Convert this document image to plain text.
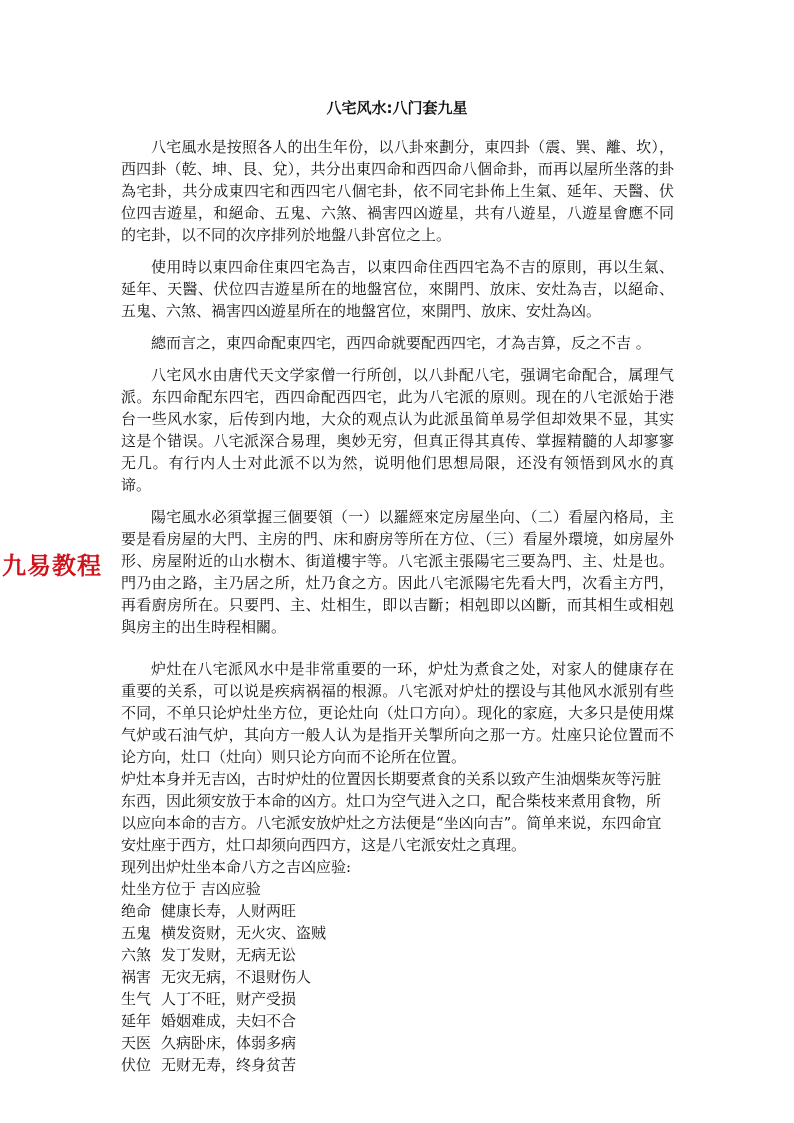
八宅风水:八门套九星

八宅風水是按照各人的出生年份，以八卦來劃分，東四卦（震、巽、離、坎），西四卦（乾、坤、艮、兌），共分出東四命和西四命八個命卦，而再以屋所坐落的卦為宅卦，共分成東四宅和西四宅八個宅卦，依不同宅卦佈上生氣、延年、天醫、伏位四吉遊星，和絕命、五鬼、六煞、禍害四凶遊星，共有八遊星，八遊星會應不同的宅卦，以不同的次序排列於地盤八卦宮位之上。

使用時以東四命住東四宅為吉，以東四命住西四宅為不吉的原則，再以生氣、延年、天醫、伏位四吉遊星所在的地盤宮位，來開門、放床、安灶為吉，以絕命、五鬼、六煞、禍害四凶遊星所在的地盤宮位，來開門、放床、安灶為凶。

總而言之，東四命配東四宅，西四命就要配西四宅，才為吉算，反之不吉 。

八宅风水由唐代天文学家僧一行所创，以八卦配八宅，强调宅命配合，属理气派。东四命配东四宅，西四命配西四宅，此为八宅派的原则。现在的八宅派始于港台一些风水家，后传到内地，大众的观点认为此派虽简单易学但却效果不显，其实这是个错误。八宅派深合易理，奥妙无穷，但真正得其真传、掌握精髓的人却寥寥无几。有行内人士对此派不以为然，说明他们思想局限，还没有领悟到风水的真谛。

陽宅風水必須掌握三個要領（一）以羅經來定房屋坐向、（二）看屋內格局，主要是看房屋的大門、主房的門、床和廚房等所在方位、（三）看屋外環境，如房屋外形、房屋附近的山水樹木、街道樓宇等。八宅派主張陽宅三要為門、主、灶是也。門乃由之路，主乃居之所，灶乃食之方。因此八宅派陽宅先看大門，次看主方門，再看廚房所在。只要門、主、灶相生，即以吉斷；相剋即以凶斷，而其相生或相剋與房主的出生時程相關。

炉灶在八宅派风水中是非常重要的一环，炉灶为煮食之处，对家人的健康存在重要的关系，可以说是疾病祸福的根源。八宅派对炉灶的摆设与其他风水派别有些不同，不单只论炉灶坐方位，更论灶向（灶口方向）。现化的家庭，大多只是使用煤气炉或石油气炉，其向方一般人认为是指开关掣所向之那一方。灶座只论位置而不论方向，灶口（灶向）则只论方向而不论所在位置。

炉灶本身并无吉凶，古时炉灶的位置因长期要煮食的关系以致产生油烟柴灰等污脏东西，因此须安放于本命的凶方。灶口为空气进入之口，配合柴枝来煮用食物，所以应向本命的吉方。八宅派安放炉灶之方法便是“坐凶向吉”。简单来说，东四命宜安灶座于西方，灶口却须向西四方，这是八宅派安灶之真理。

现列出炉灶坐本命八方之吉凶应验:

灶坐方位于 吉凶应验

绝命 健康长寿，人财两旺

五鬼 横发资财，无火灾、盗贼

六煞 发丁发财，无病无讼

祸害 无灾无病，不退财伤人

生气 人丁不旺，财产受损

延年 婚姻难成，夫妇不合

天医 久病卧床，体弱多病

伏位 无财无寿，终身贫苦

九易教程
